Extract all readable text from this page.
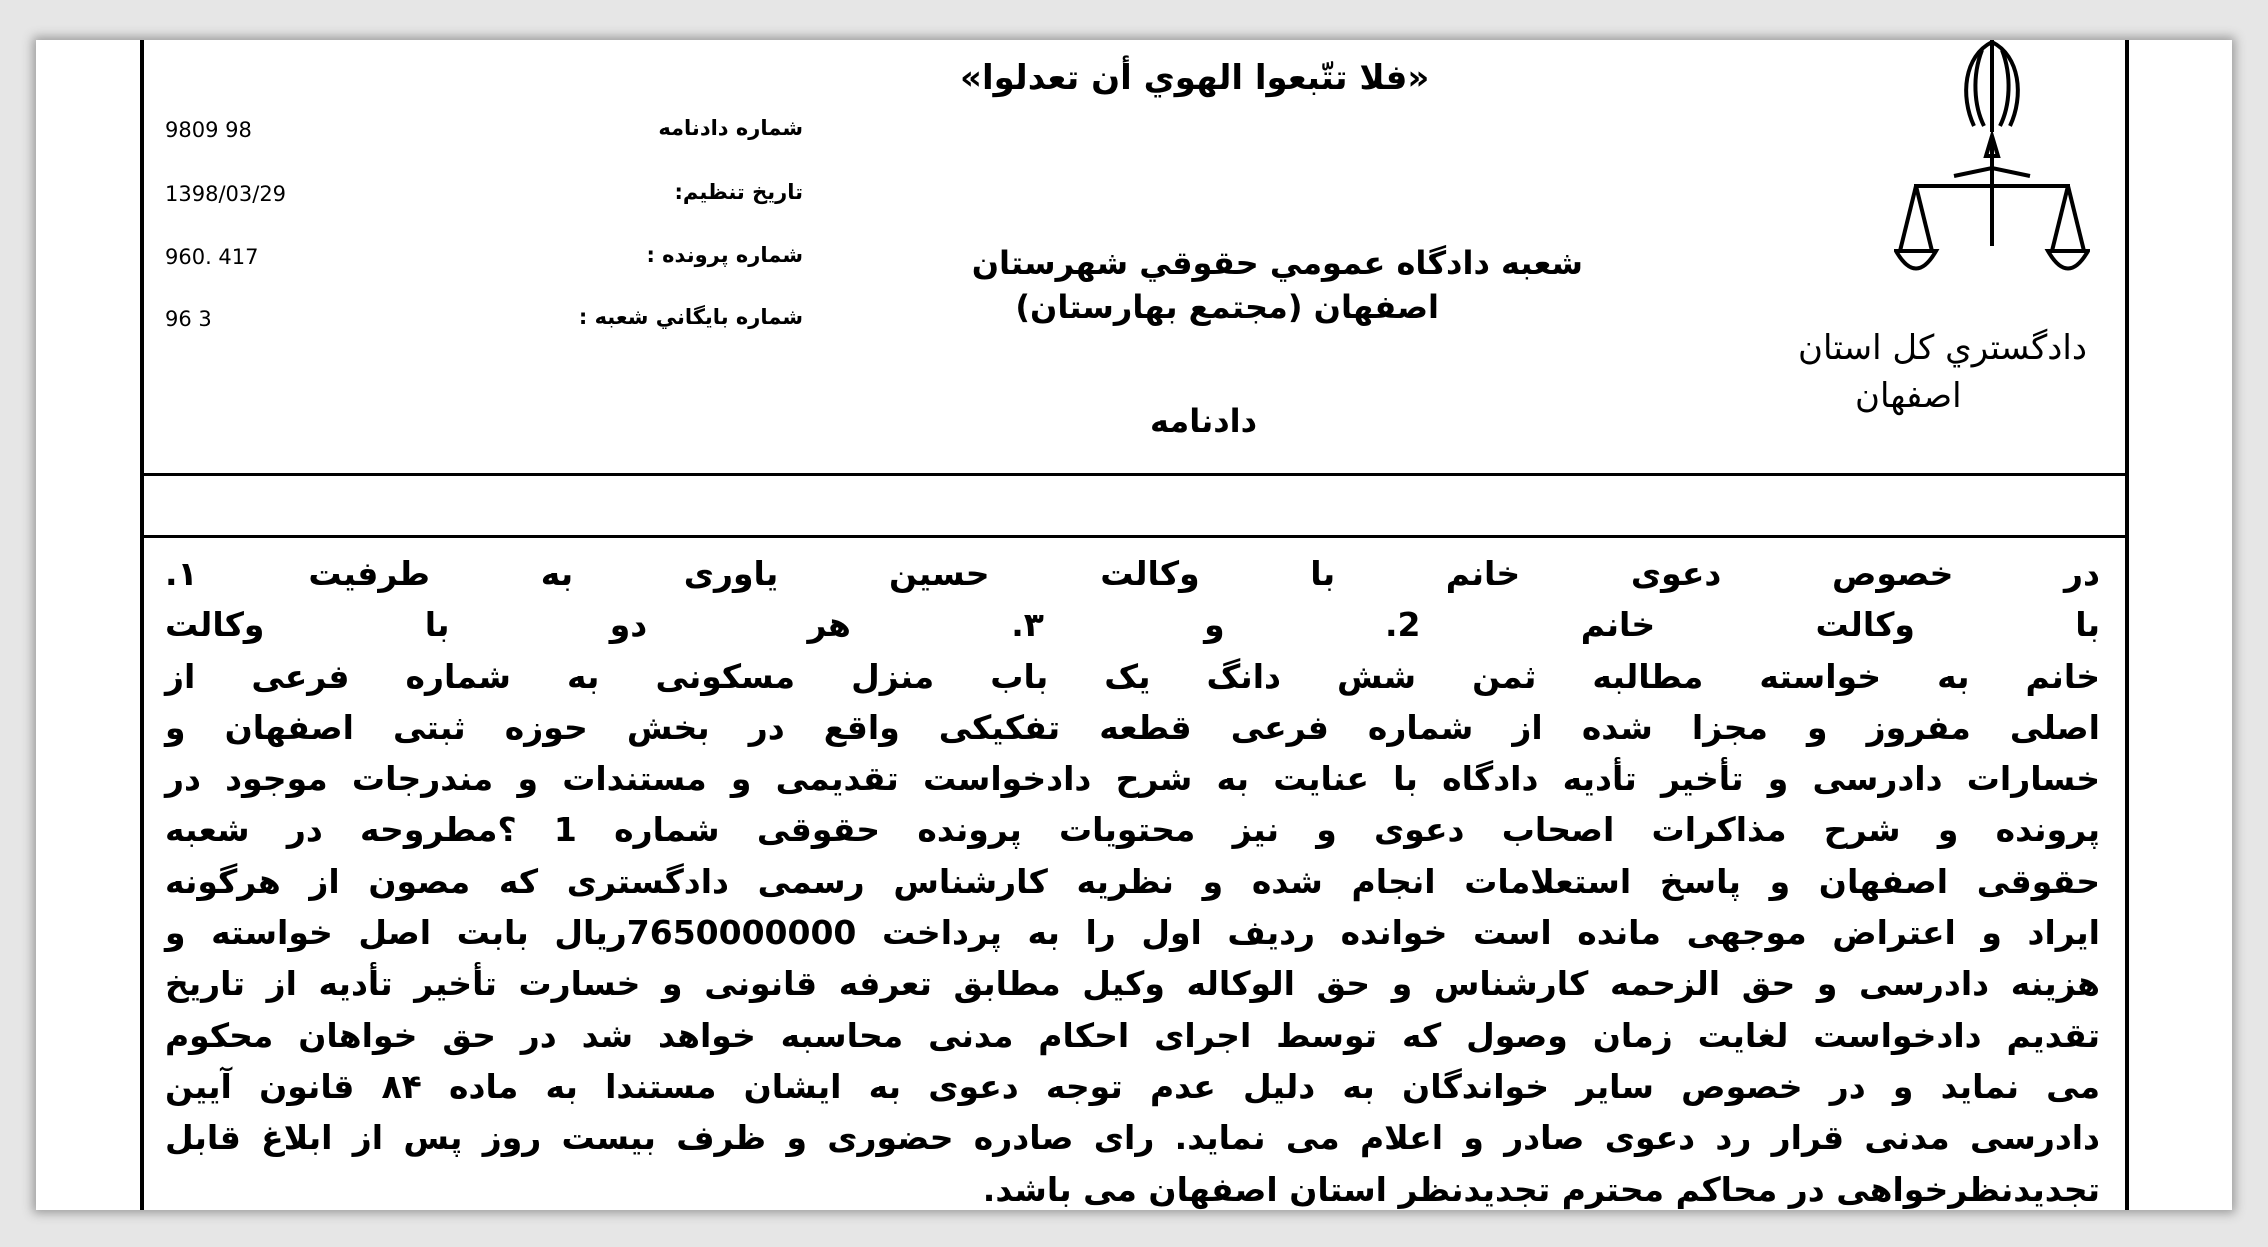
«فلا تتّبعوا الهوي أن تعدلوا»
شعبه دادگاه عمومي حقوقي شهرستان
اصفهان (مجتمع بهارستان)
دادنامه
دادگستري كل استان
اصفهان
شماره دادنامه
9809 98
تاريخ تنظيم:
1398/03/29
شماره پرونده :
960. 417
شماره بايگاني شعبه :
96 3
در خصوص دعوی خانم با وکالت حسین یاوری به طرفیت ۱.
با وکالت خانم 2. و ۳. هر دو با وکالت
خانم به خواسته مطالبه ثمن شش دانگ یک باب منزل مسکونی به شماره فرعی از
اصلی مفروز و مجزا شده از شماره فرعی قطعه تفکیکی واقع در بخش حوزه ثبتی اصفهان و
خسارات دادرسی و تأخیر تأدیه دادگاه با عنایت به شرح دادخواست تقدیمی و مستندات و مندرجات موجود در
پرونده و شرح مذاکرات اصحاب دعوی و نیز محتویات پرونده حقوقی شماره 1 ؟مطروحه در شعبه
حقوقی اصفهان و پاسخ استعلامات انجام شده و نظریه کارشناس رسمی دادگستری که مصون از هرگونه
ایراد و اعتراض موجهی مانده است خوانده ردیف اول را به پرداخت 7650000000ریال بابت اصل خواسته و
هزینه دادرسی و حق الزحمه کارشناس و حق الوکاله وکیل مطابق تعرفه قانونی و خسارت تأخیر تأدیه از تاریخ
تقدیم دادخواست لغایت زمان وصول که توسط اجرای احکام مدنی محاسبه خواهد شد در حق خواهان محکوم
می نماید و در خصوص سایر خواندگان به دلیل عدم توجه دعوی به ایشان مستندا به ماده ۸۴ قانون آیین
دادرسی مدنی قرار رد دعوی صادر و اعلام می نماید. رای صادره حضوری و ظرف بیست روز پس از ابلاغ قابل
تجدیدنظرخواهی در محاکم محترم تجدیدنظر استان اصفهان می باشد.
